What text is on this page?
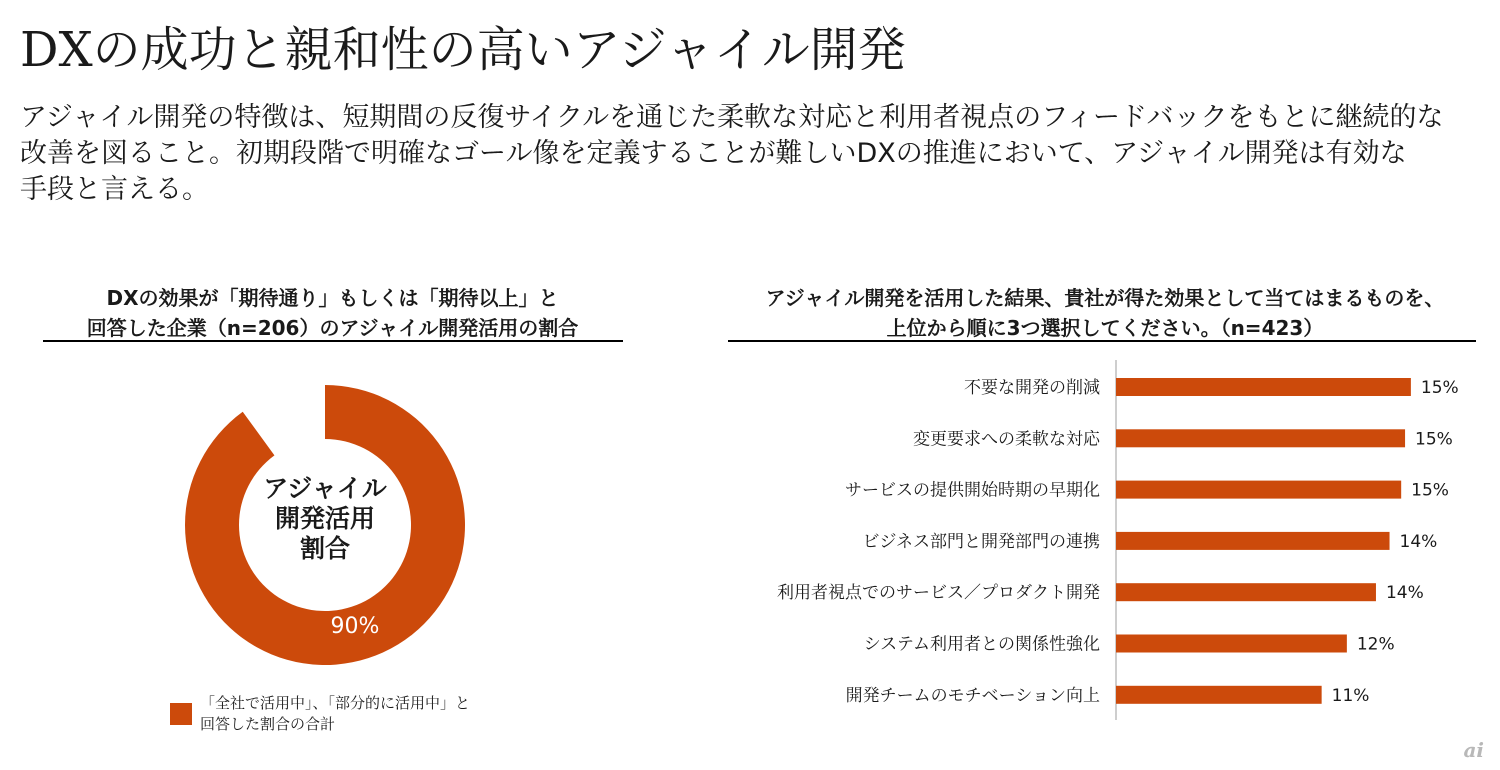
DXの成功と親和性の高いアジャイル開発
アジャイル開発の特徴は、短期間の反復サイクルを通じた柔軟な対応と利用者視点のフィードバックをもとに継続的な
改善を図ること。初期段階で明確なゴール像を定義することが難しいDXの推進において、アジャイル開発は有効な
手段と言える。
DXの効果が「期待通り」もしくは「期待以上」と
回答した企業（n=206）のアジャイル開発活用の割合
アジャイル
開発活用
割合
90%
「全社で活用中」、「部分的に活用中」と
回答した割合の合計
アジャイル開発を活用した結果、貴社が得た効果として当てはまるものを、
上位から順に3つ選択してください。（n=423）
不要な開発の削減	15%
変更要求への柔軟な対応	15%
サービスの提供開始時期の早期化	15%
ビジネス部門と開発部門の連携	14%
利用者視点でのサービス／プロダクト開発	14%
システム利用者との関係性強化	12%
開発チームのモチベーション向上	11%
ai
